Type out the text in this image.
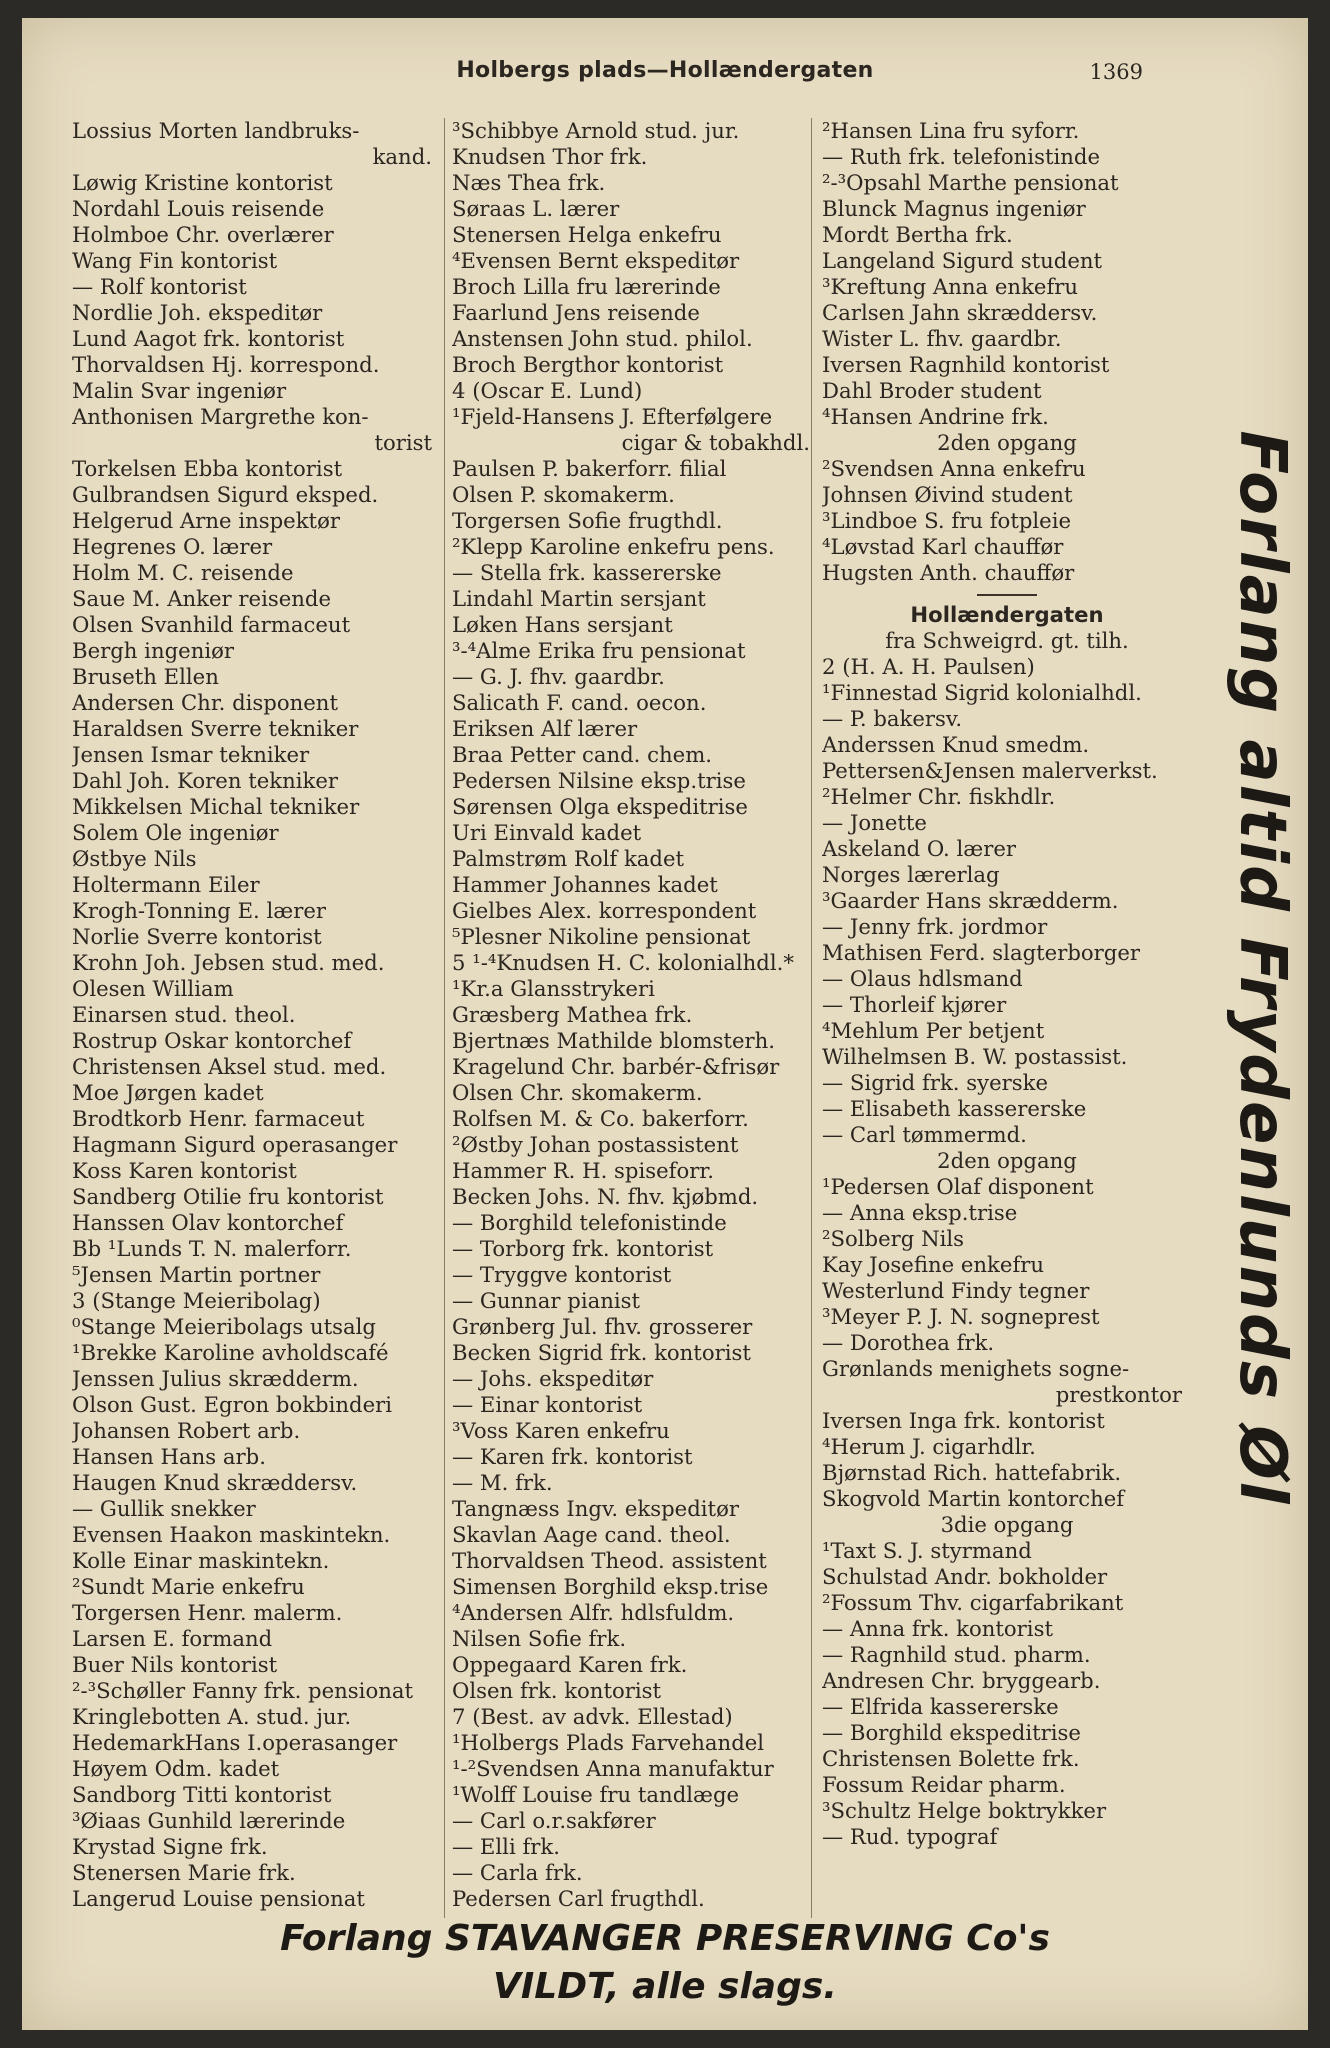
Holbergs plads—Hollændergaten	1369
Lossius Morten landbruks-
kand.
Løwig Kristine kontorist
Nordahl Louis reisende
Holmboe Chr. overlærer
Wang Fin kontorist
— Rolf kontorist
Nordlie Joh. ekspeditør
Lund Aagot frk. kontorist
Thorvaldsen Hj. korrespond.
Malin Svar ingeniør
Anthonisen Margrethe kon-
torist
Torkelsen Ebba kontorist
Gulbrandsen Sigurd ekspеd.
Helgerud Arne inspektør
Hegrenes O. lærer
Holm M. C. reisende
Saue M. Anker reisende
Olsen Svanhild farmaceut
Bergh ingeniør
Bruseth Ellen
Andersen Chr. disponent
Haraldsen Sverre tekniker
Jensen Ismar tekniker
Dahl Joh. Koren tekniker
Mikkelsen Michal tekniker
Solem Ole ingeniør
Østbye Nils
Holtermann Eiler
Krogh-Tonning E. lærer
Norlie Sverre kontorist
Krohn Joh. Jebsen stud. med.
Olesen William
Einarsen stud. theol.
Rostrup Oskar kontorchef
Christensen Aksel stud. med.
Moe Jørgen kadet
Brodtkorb Henr. farmaceut
Hagmann Sigurd operasanger
Koss Karen kontorist
Sandberg Otilie fru kontorist
Hanssen Olav kontorchef
Bb ¹Lunds T. N. malerforr.
⁵Jensen Martin portner
3 (Stange Meieribolag)
⁰Stange Meieribolags utsalg
¹Brekke Karoline avholdscafé
Jenssen Julius skrædderm.
Olson Gust. Egron bokbinderi
Johansen Robert arb.
Hansen Hans arb.
Haugen Knud skræddersv.
— Gullik snekker
Evensen Haakon maskintekn.
Kolle Einar maskintekn.
²Sundt Marie enkefru
Torgersen Henr. malerm.
Larsen E. formand
Buer Nils kontorist
²-³Schøller Fanny frk. pensionat
Kringlebotten A. stud. jur.
HedemarkHans I.operasanger
Høyem Odm. kadet
Sandborg Titti kontorist
³Øiaas Gunhild lærerinde
Krystad Signe frk.
Stenersen Marie frk.
Langerud Louise pensionat
³Schibbye Arnold stud. jur.
Knudsen Thor frk.
Næs Thea frk.
Søraas L. lærer
Stenersen Helga enkefru
⁴Evensen Bernt ekspeditør
Broch Lilla fru lærerinde
Faarlund Jens reisende
Anstensen John stud. philol.
Broch Bergthor kontorist
4 (Oscar E. Lund)
¹Fjeld-Hansens J. Efterfølgere
cigar & tobakhdl.
Paulsen P. bakerforr. filial
Olsen P. skomakerm.
Torgersen Sofie frugthdl.
²Klepp Karoline enkefru pens.
— Stella frk. kassererske
Lindahl Martin sersjant
Løken Hans sersjant
³-⁴Alme Erika fru pensionat
— G. J. fhv. gaardbr.
Salicath F. cand. oecon.
Eriksen Alf lærer
Braa Petter cand. chem.
Pedersen Nilsine eksp.trise
Sørensen Olga ekspeditrise
Uri Einvald kadet
Palmstrøm Rolf kadet
Hammer Johannes kadet
Gielbes Alex. korrespondent
⁵Plesner Nikoline pensionat
5 ¹-⁴Knudsen H. C. kolonialhdl.*
¹Kr.a Glansstrykeri
Græsberg Mathea frk.
Bjertnæs Mathilde blomsterh.
Kragelund Chr. barbér-&frisør
Olsen Chr. skomakerm.
Rolfsen M. & Co. bakerforr.
²Østby Johan postassistent
Hammer R. H. spiseforr.
Becken Johs. N. fhv. kjøbmd.
— Borghild telefonistinde
— Torborg frk. kontorist
— Tryggve kontorist
— Gunnar pianist
Grønberg Jul. fhv. grosserer
Becken Sigrid frk. kontorist
— Johs. ekspeditør
— Einar kontorist
³Voss Karen enkefru
— Karen frk. kontorist
— M. frk.
Tangnæss Ingv. ekspeditør
Skavlan Aage cand. theol.
Thorvaldsen Theod. assistent
Simensen Borghild eksp.trise
⁴Andersen Alfr. hdlsfuldm.
Nilsen Sofie frk.
Oppegaard Karen frk.
Olsen frk. kontorist
7 (Best. av advk. Ellestad)
¹Holbergs Plads Farvehandel
¹-²Svendsen Anna manufaktur
¹Wolff Louise fru tandlæge
— Carl o.r.sakfører
— Elli frk.
— Carla frk.
Pedersen Carl frugthdl.
²Hansen Lina fru syforr.
— Ruth frk. telefonistinde
²-³Opsahl Marthe pensionat
Blunck Magnus ingeniør
Mordt Bertha frk.
Langeland Sigurd student
³Kreftung Anna enkefru
Carlsen Jahn skræddersv.
Wister L. fhv. gaardbr.
Iversen Ragnhild kontorist
Dahl Broder student
⁴Hansen Andrine frk.
2den opgang
²Svendsen Anna enkefru
Johnsen Øivind student
³Lindboe S. fru fotpleie
⁴Løvstad Karl chauffør
Hugsten Anth. chauffør
Hollændergaten
fra Schweigrd. gt. tilh.
2 (H. A. H. Paulsen)
¹Finnestad Sigrid kolonialhdl.
— P. bakersv.
Anderssen Knud smedm.
Pettersen&Jensen malerverkst.
²Helmer Chr. fiskhdlr.
— Jonette
Askeland O. lærer
Norges lærerlag
³Gaarder Hans skrædderm.
— Jenny frk. jordmor
Mathisen Ferd. slagterborger
— Olaus hdlsmand
— Thorleif kjører
⁴Mehlum Per betjent
Wilhelmsen B. W. postassist.
— Sigrid frk. syerske
— Elisabeth kassererske
— Carl tømmermd.
2den opgang
¹Pedersen Olaf disponent
— Anna eksp.trise
²Solberg Nils
Kay Josefine enkefru
Westerlund Findy tegner
³Meyer P. J. N. sogneprest
— Dorothea frk.
Grønlands menighets sogne-
prestkontor
Iversen Inga frk. kontorist
⁴Herum J. cigarhdlr.
Bjørnstad Rich. hattefabrik.
Skogvold Martin kontorchef
3die opgang
¹Taxt S. J. styrmand
Schulstad Andr. bokholder
²Fossum Thv. cigarfabrikant
— Anna frk. kontorist
— Ragnhild stud. pharm.
Andresen Chr. bryggearb.
— Elfrida kassererske
— Borghild ekspeditrise
Christensen Bolette frk.
Fossum Reidar pharm.
³Schultz Helge boktrykker
— Rud. typograf
Forlang altid Frydenlunds Øl
Forlang STAVANGER PRESERVING Co's
VILDT, alle slags.
